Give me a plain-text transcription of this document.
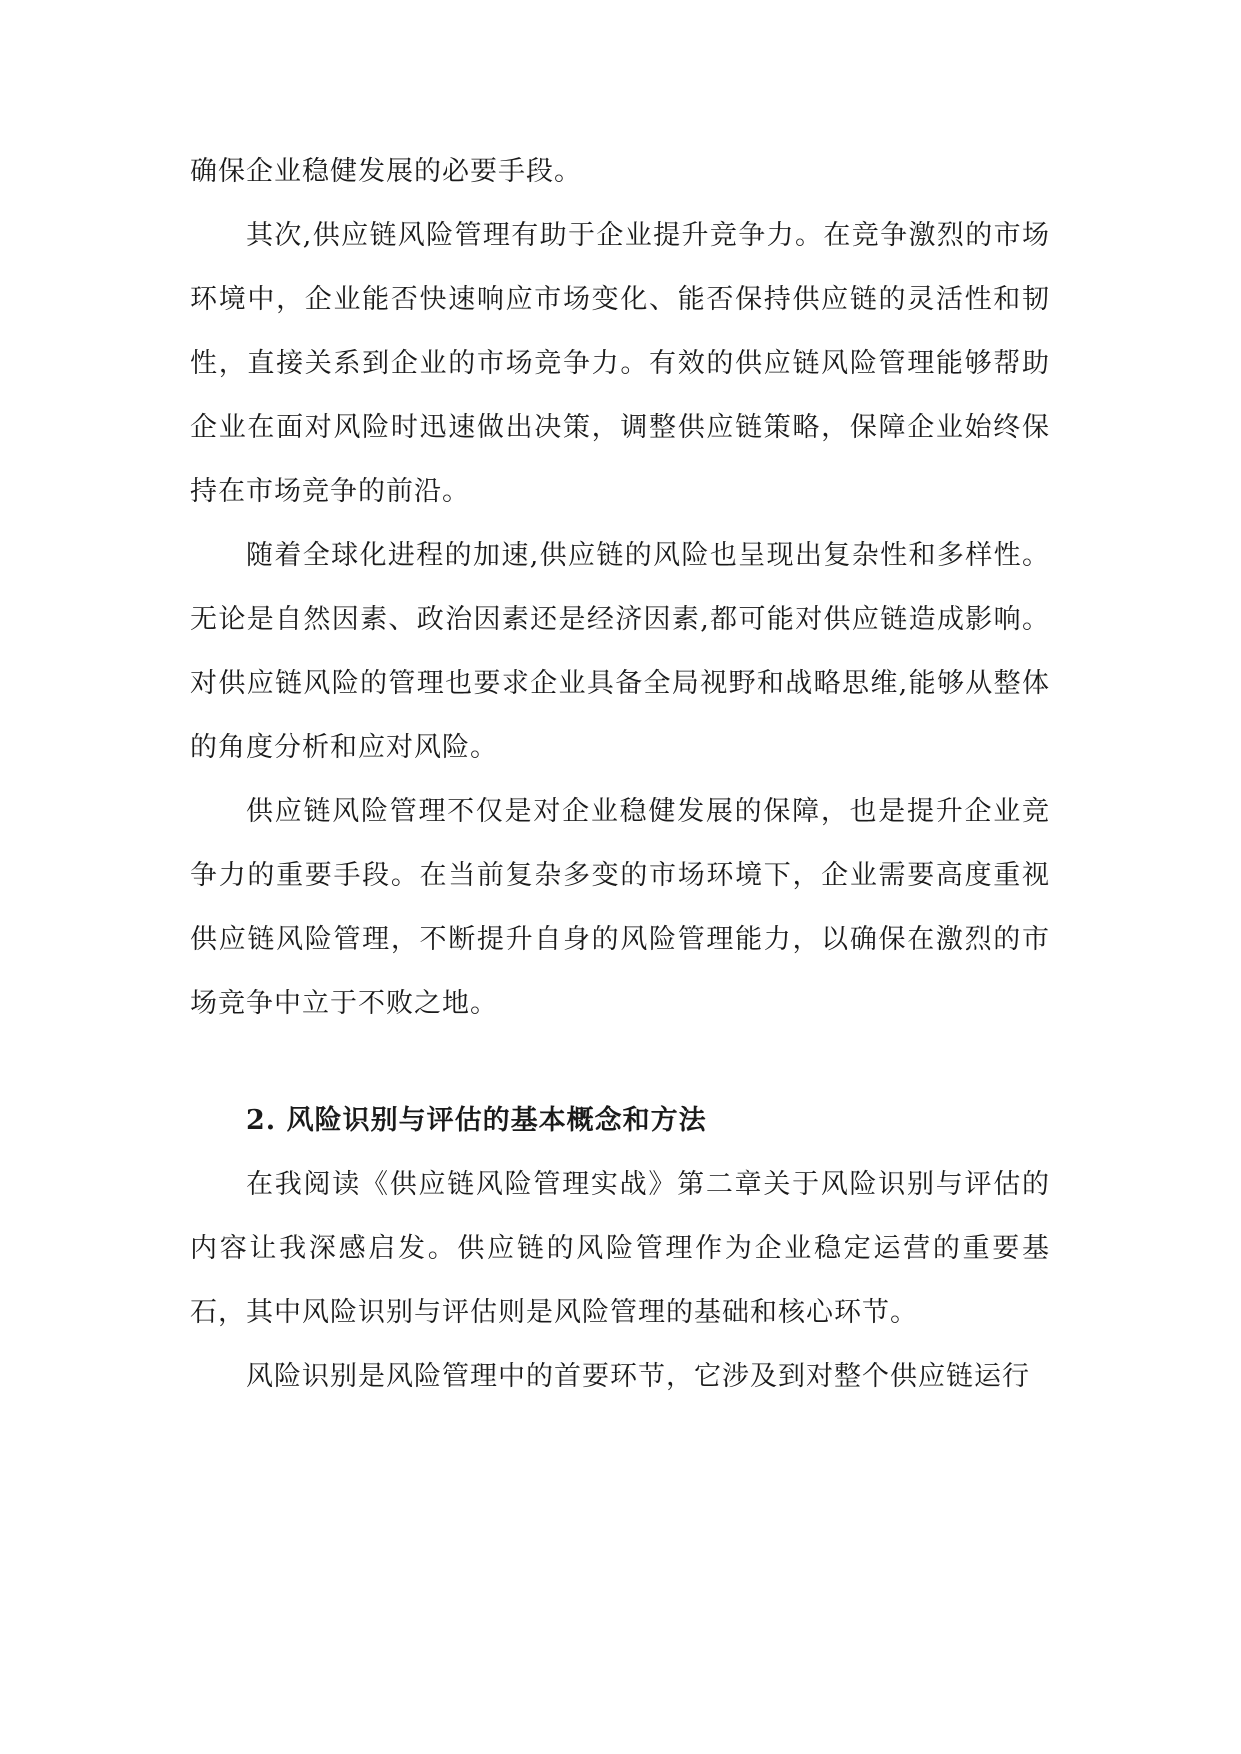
确保企业稳健发展的必要手段。

其次,供应链风险管理有助于企业提升竞争力。在竞争激烈的市场环境中，企业能否快速响应市场变化、能否保持供应链的灵活性和韧性，直接关系到企业的市场竞争力。有效的供应链风险管理能够帮助企业在面对风险时迅速做出决策，调整供应链策略，保障企业始终保持在市场竞争的前沿。

随着全球化进程的加速,供应链的风险也呈现出复杂性和多样性。无论是自然因素、政治因素还是经济因素,都可能对供应链造成影响。对供应链风险的管理也要求企业具备全局视野和战略思维,能够从整体的角度分析和应对风险。

供应链风险管理不仅是对企业稳健发展的保障，也是提升企业竞争力的重要手段。在当前复杂多变的市场环境下，企业需要高度重视供应链风险管理，不断提升自身的风险管理能力，以确保在激烈的市场竞争中立于不败之地。

2. 风险识别与评估的基本概念和方法

在我阅读《供应链风险管理实战》第二章关于风险识别与评估的内容让我深感启发。供应链的风险管理作为企业稳定运营的重要基石，其中风险识别与评估则是风险管理的基础和核心环节。

风险识别是风险管理中的首要环节，它涉及到对整个供应链运行
